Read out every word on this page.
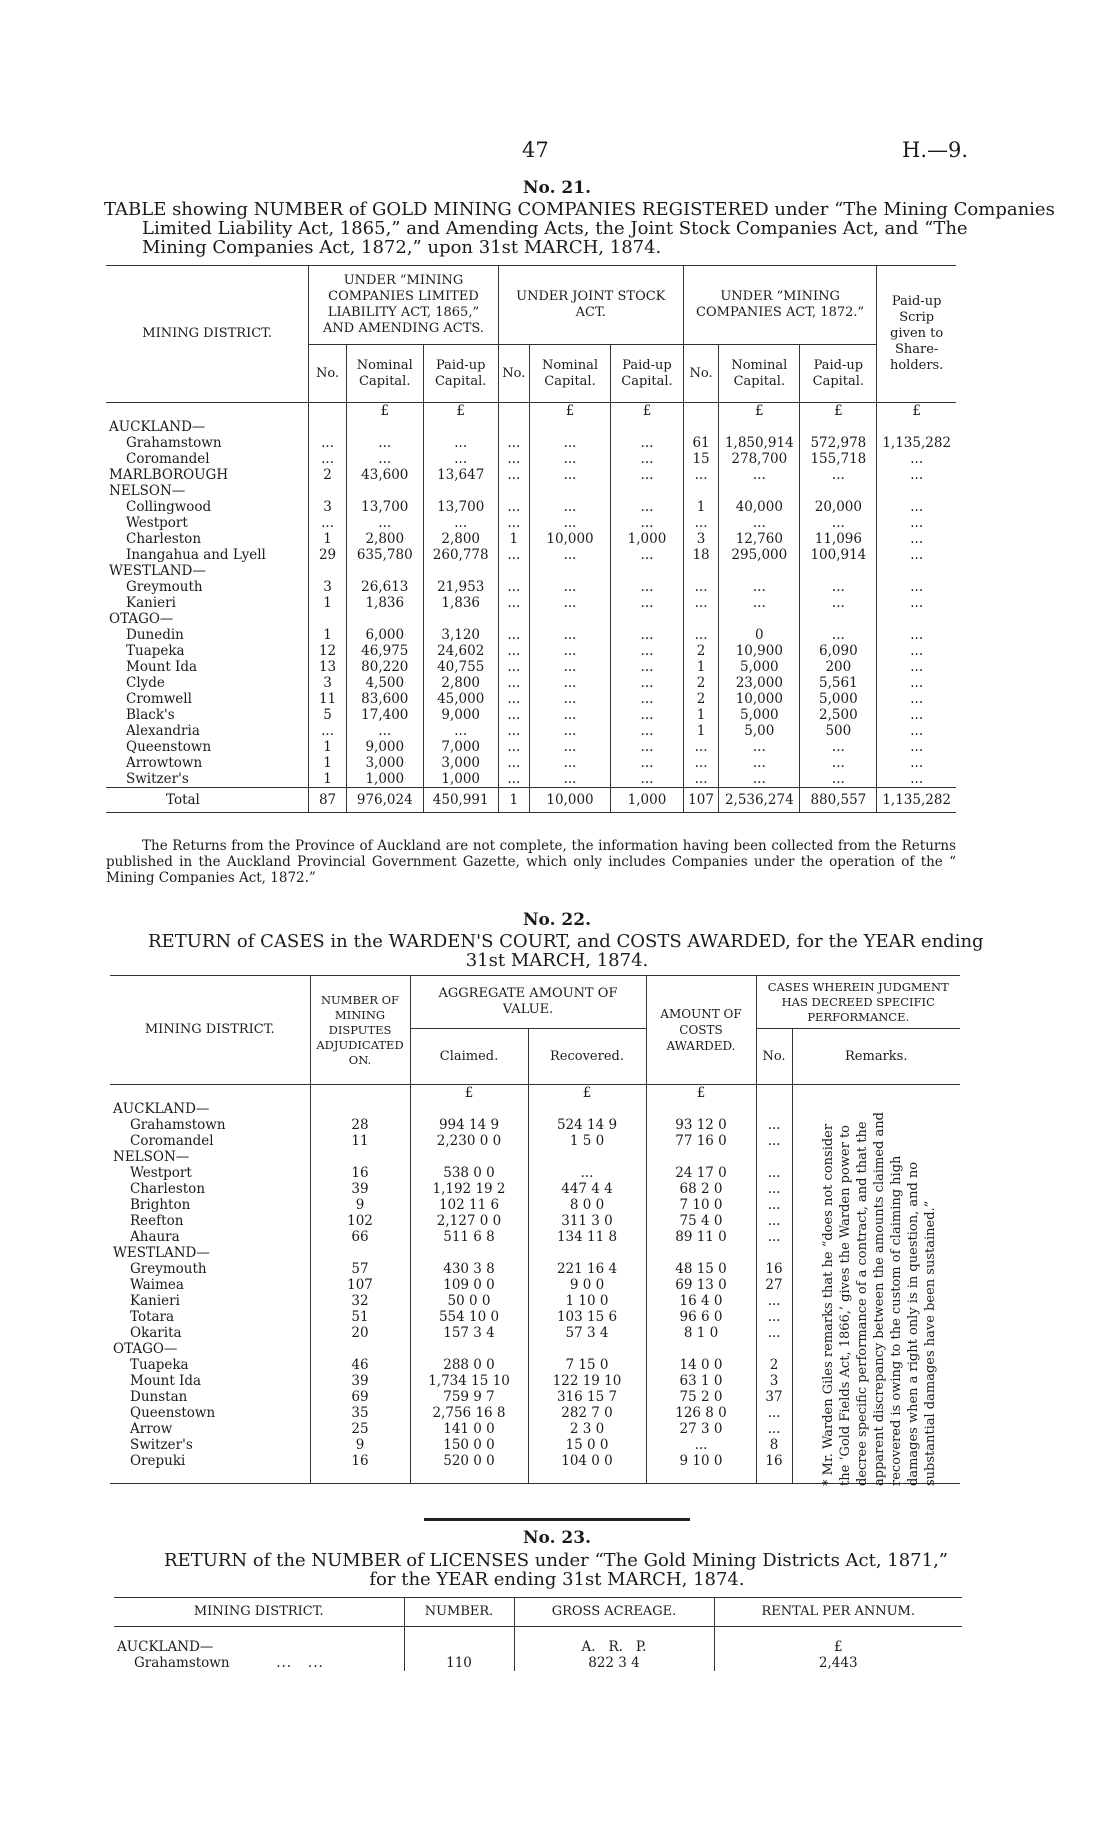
47	H.—9.
No. 21.
TABLE showing NUMBER of GOLD MINING COMPANIES REGISTERED under “The Mining Companies
Limited Liability Act, 1865,” and Amending Acts, the Joint Stock Companies Act, and “The
Mining Companies Act, 1872,” upon 31st MARCH, 1874.
MINING DISTRICT.	UNDER “MINING COMPANIES LIMITED LIABILITY ACT, 1865,” AND AMENDING ACTS.			UNDER JOINT STOCK ACT.			UNDER “MINING COMPANIES ACT, 1872.”			Paid-up Scrip given to Share-holders.
	No.	Nominal Capital.	Paid-up Capital.	No.	Nominal Capital.	Paid-up Capital.	No.	Nominal Capital.	Paid-up Capital.	
		£	£		£	£		£	£	£
AUCKLAND—										
Grahamstown	...	...	...	...	...	...	61	1,850,914	572,978	1,135,282
Coromandel	...	...	...	...	...	...	15	278,700	155,718	...
MARLBOROUGH	2	43,600	13,647	...	...	...	...	...	...	...
NELSON—										
Collingwood	3	13,700	13,700	...	...	...	1	40,000	20,000	...
Westport	...	...	...	...	...	...	...	...	...	...
Charleston	1	2,800	2,800	1	10,000	1,000	3	12,760	11,096	...
Inangahua and Lyell	29	635,780	260,778	...	...	...	18	295,000	100,914	...
WESTLAND—										
Greymouth	3	26,613	21,953	...	...	...	...	...	...	...
Kanieri	1	1,836	1,836	...	...	...	...	...	...	...
OTAGO—										
Dunedin	1	6,000	3,120	...	...	...	...	0	...	...
Tuapeka	12	46,975	24,602	...	...	...	2	10,900	6,090	...
Mount Ida	13	80,220	40,755	...	...	...	1	5,000	200	...
Clyde	3	4,500	2,800	...	...	...	2	23,000	5,561	...
Cromwell	11	83,600	45,000	...	...	...	2	10,000	5,000	...
Black's	5	17,400	9,000	...	...	...	1	5,000	2,500	...
Alexandria	...	...	...	...	...	...	1	5,00	500	...
Queenstown	1	9,000	7,000	...	...	...	...	...	...	...
Arrowtown	1	3,000	3,000	...	...	...	...	...	...	...
Switzer's	1	1,000	1,000	...	...	...	...	...	...	...
Total	87	976,024	450,991	1	10,000	1,000	107	2,536,274	880,557	1,135,282
The Returns from the Province of Auckland are not complete, the information having been collected from the Returns published in the Auckland Provincial Government Gazette, which only includes Companies under the operation of the “ Mining Companies Act, 1872.”
No. 22.
RETURN of CASES in the WARDEN'S COURT, and COSTS AWARDED, for the YEAR ending
31st MARCH, 1874.
MINING DISTRICT.	NUMBER OF MINING DISPUTES ADJUDICATED ON.	AGGREGATE AMOUNT OF VALUE.		AMOUNT OF COSTS AWARDED.	CASES WHEREIN JUDGMENT HAS DECREED SPECIFIC PERFORMANCE.	
		Claimed.	Recovered.		No.	Remarks.
		£	£	£		
AUCKLAND—						
Grahamstown	28	994 14 9	524 14 9	93 12 0	...	
Coromandel	11	2,230 0 0	1 5 0	77 16 0	...	
NELSON—						
Westport	16	538 0 0	...	24 17 0	...	
Charleston	39	1,192 19 2	447 4 4	68 2 0	...	
Brighton	9	102 11 6	8 0 0	7 10 0	...	
Reefton	102	2,127 0 0	311 3 0	75 4 0	...	
Ahaura	66	511 6 8	134 11 8	89 11 0	...	
WESTLAND—						
Greymouth	57	430 3 8	221 16 4	48 15 0	16	
Waimea	107	109 0 0	9 0 0	69 13 0	27	
Kanieri	32	50 0 0	1 10 0	16 4 0	...	
Totara	51	554 10 0	103 15 6	96 6 0	...	
Okarita	20	157 3 4	57 3 4	8 1 0	...	
OTAGO—						
Tuapeka	46	288 0 0	7 15 0	14 0 0	2	
Mount Ida	39	1,734 15 10	122 19 10	63 1 0	3	
Dunstan	69	759 9 7	316 15 7	75 2 0	37	
Queenstown	35	2,756 16 8	282 7 0	126 8 0	...	
Arrow	25	141 0 0	2 3 0	27 3 0	...	
Switzer's	9	150 0 0	15 0 0	...	8	
Orepuki	16	520 0 0	104 0 0	9 10 0	16	
							* Mr. Warden Giles remarks that he “does not consider the ‘Gold Fields Act, 1866,’ gives the Warden power to decree specific performance of a contract, and that the apparent discrepancy between the amounts claimed and recovered is owing to the custom of claiming high damages when a right only is in question, and no substantial damages have been sustained.”
No. 23.
RETURN of the NUMBER of LICENSES under “The Gold Mining Districts Act, 1871,”
for the YEAR ending 31st MARCH, 1874.
MINING DISTRICT.	NUMBER.	GROSS ACREAGE.	RENTAL PER ANNUM.
AUCKLAND—		A. R. P.	£
Grahamstown         ...   ...	110	822 3 4	2,443
